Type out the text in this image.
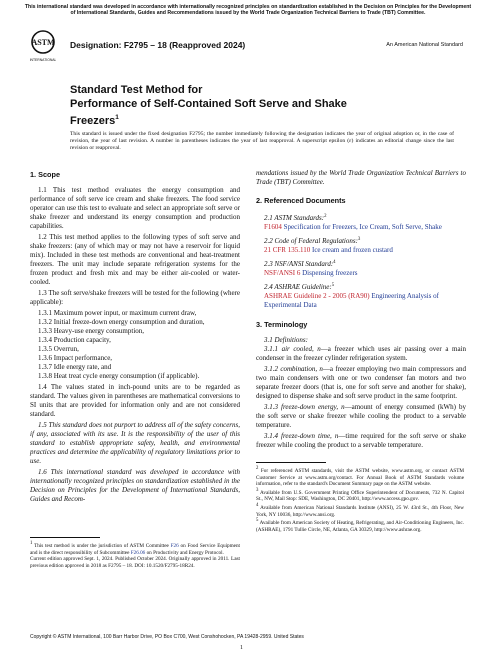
This international standard was developed in accordance with internationally recognized principles on standardization established in the Decision on Principles for the Development of International Standards, Guides and Recommendations issued by the World Trade Organization Technical Barriers to Trade (TBT) Committee.
ASTM
INTERNATIONAL
Designation: F2795 – 18 (Reapproved 2024)	An American National Standard
Standard Test Method for
Performance of Self-Contained Soft Serve and Shake
Freezers$^1$
This standard is issued under the fixed designation F2795; the number immediately following the designation indicates the year of original adoption or, in the case of revision, the year of last revision. A number in parentheses indicates the year of last reapproval. A superscript epsilon (ε) indicates an editorial change since the last revision or reapproval.
1. Scope

1.1 This test method evaluates the energy consumption and performance of soft serve ice cream and shake freezers. The food service operator can use this test to evaluate and select an appropriate soft serve or shake freezer and understand its energy consumption and production capabilities.

1.2 This test method applies to the following types of soft serve and shake freezers: (any of which may or may not have a reservoir for liquid mix). Included in these test methods are conventional and heat-treatment freezers. The unit may include separate refrigeration systems for the frozen product and fresh mix and may be either air-cooled or water-cooled.

1.3 The soft serve/shake freezers will be tested for the following (where applicable):

1.3.1 Maximum power input, or maximum current draw,
1.3.2 Initial freeze-down energy consumption and duration,
1.3.3 Heavy-use energy consumption,
1.3.4 Production capacity,
1.3.5 Overrun,
1.3.6 Impact performance,
1.3.7 Idle energy rate, and
1.3.8 Heat treat cycle energy consumption (if applicable).

1.4 The values stated in inch-pound units are to be regarded as standard. The values given in parentheses are mathematical conversions to SI units that are provided for information only and are not considered standard.

1.5 This standard does not purport to address all of the safety concerns, if any, associated with its use. It is the responsibility of the user of this standard to establish appropriate safety, health, and environmental practices and determine the applicability of regulatory limitations prior to use.

1.6 This international standard was developed in accordance with internationally recognized principles on standardization established in the Decision on Principles for the Development of International Standards, Guides and Recom-

mendations issued by the World Trade Organization Technical Barriers to Trade (TBT) Committee.

2. Referenced Documents
2.1 ASTM Standards:$^2$
F1604 Specification for Freezers, Ice Cream, Soft Serve, Shake
2.2 Code of Federal Regulations:$^3$
21 CFR 135.110 Ice cream and frozen custard
2.3 NSF/ANSI Standard:$^4$
NSF/ANSI 6 Dispensing freezers
2.4 ASHRAE Guideline:$^5$
ASHRAE Guideline 2 - 2005 (RA90) Engineering Analysis of Experimental Data
3. Terminology
3.1 Definitions:

3.1.1 air cooled, n—a freezer which uses air passing over a main condenser in the freezer cylinder refrigeration system.

3.1.2 combination, n—a freezer employing two main compressors and two main condensers with one or two condenser fan motors and two separate freezer doors (that is, one for soft serve and another for shake), designed to dispense shake and soft serve product in the same footprint.

3.1.3 freeze-down energy, n—amount of energy consumed (kWh) by the soft serve or shake freezer while cooling the product to a servable temperature.

3.1.4 freeze-down time, n—time required for the soft serve or shake freezer while cooling the product to a servable temperature.

$^1$ This test method is under the jurisdiction of ASTM Committee F26 on Food Service Equipment and is the direct responsibility of Subcommittee F26.06 on Productivity and Energy Protocol.
Current edition approved Sept. 1, 2024. Published October 2024. Originally approved in 2011. Last previous edition approved in 2018 as F2795 – 18. DOI: 10.1520/F2795-18R24.
$^2$ For referenced ASTM standards, visit the ASTM website, www.astm.org, or contact ASTM Customer Service at www.astm.org/contact. For Annual Book of ASTM Standards volume information, refer to the standard's Document Summary page on the ASTM website.
$^3$ Available from U.S. Government Printing Office Superintendent of Documents, 732 N. Capitol St., NW, Mail Stop: SDE, Washington, DC 20401, http://www.access.gpo.gov.
$^4$ Available from American National Standards Institute (ANSI), 25 W. 43rd St., 4th Floor, New York, NY 10036, http://www.ansi.org.
$^5$ Available from American Society of Heating, Refrigerating, and Air-Conditioning Engineers, Inc. (ASHRAE), 1791 Tullie Circle, NE, Atlanta, GA 30329, http://www.ashrae.org.
Copyright © ASTM International, 100 Barr Harbor Drive, PO Box C700, West Conshohocken, PA 19428-2959. United States
1
